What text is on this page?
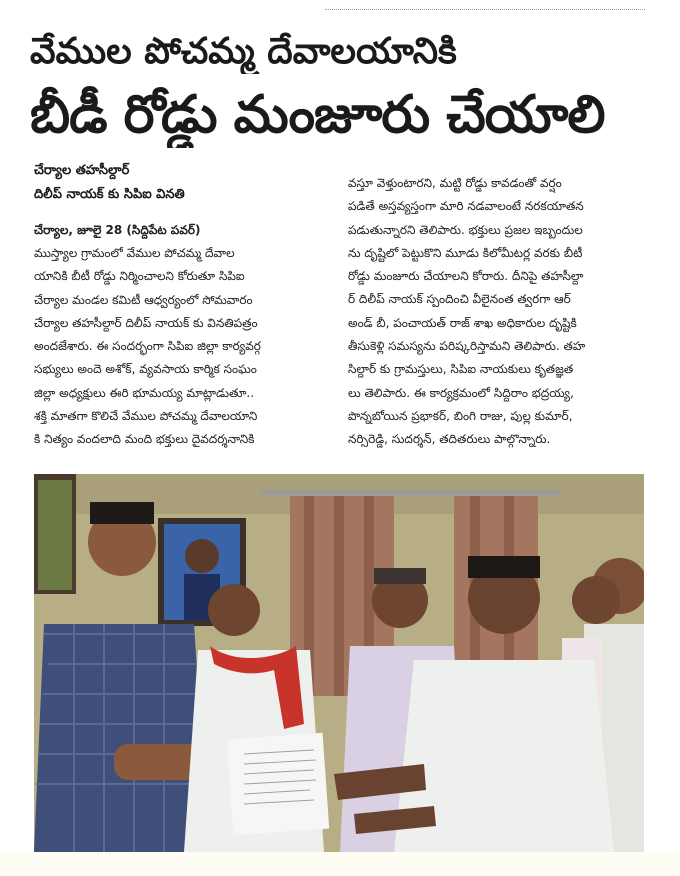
వేముల పోచమ్మ దేవాలయానికి
బీడీ రోడ్డు మంజూరు చేయాలి
చేర్యాల తహసీల్దార్
దిలీప్ నాయక్ కు సిపిఐ వినతి
చేర్యాల, జూలై 28 (సిద్దిపేట పవర్)
ముస్త్యాల గ్రామంలో వేముల పోచమ్మ దేవాల
యానికి బీటీ రోడ్డు నిర్మించాలని కోరుతూ సిపిఐ
చేర్యాల మండల కమిటీ ఆధ్వర్యంలో సోమవారం
చేర్యాల తహసీల్దార్ దిలీప్ నాయక్ కు వినతిపత్రం
అందజేశారు. ఈ సందర్భంగా సిపిఐ జిల్లా కార్యవర్గ
సభ్యులు అందె అశోక్, వ్యవసాయ కార్మిక సంఘం
జిల్లా అధ్యక్షులు ఈరి భూమయ్య మాట్లాడుతూ..
శక్తి మాతగా కొలిచే వేముల పోచమ్మ దేవాలయాని
కి నిత్యం వందలాది మంది భక్తులు దైవదర్శనానికి
వస్తూ వెళ్తుంటారని, మట్టి రోడ్డు కావడంతో వర్షం
పడితే అస్తవ్యస్తంగా మారి నడవాలంటే నరకయాతన
పడుతున్నారని తెలిపారు. భక్తులు ప్రజల ఇబ్బందుల
ను దృష్టిలో పెట్టుకొని మూడు కిలోమీటర్ల వరకు బీటీ
రోడ్డు మంజూరు చేయాలని కోరారు. దీనిపై తహసీల్దా
ర్ దిలీప్ నాయక్ స్పందించి వీలైనంత త్వరగా ఆర్
అండ్ బీ, పంచాయత్ రాజ్ శాఖ అధికారుల దృష్టికి
తీసుకెళ్లి సమస్యను పరిష్కరిస్తామని తెలిపారు. తహ
సిల్దార్ కు గ్రామస్తులు, సిపిఐ నాయకులు కృతజ్ఞత
లు తెలిపారు. ఈ కార్యక్రమంలో సిద్దిరాం భద్రయ్య,
పొన్నబోయిన ప్రభాకర్, బింగి రాజు, పుల్ల కుమార్,
నర్సిరెడ్డి, సుదర్శన్, తదితరులు పాల్గొన్నారు.
